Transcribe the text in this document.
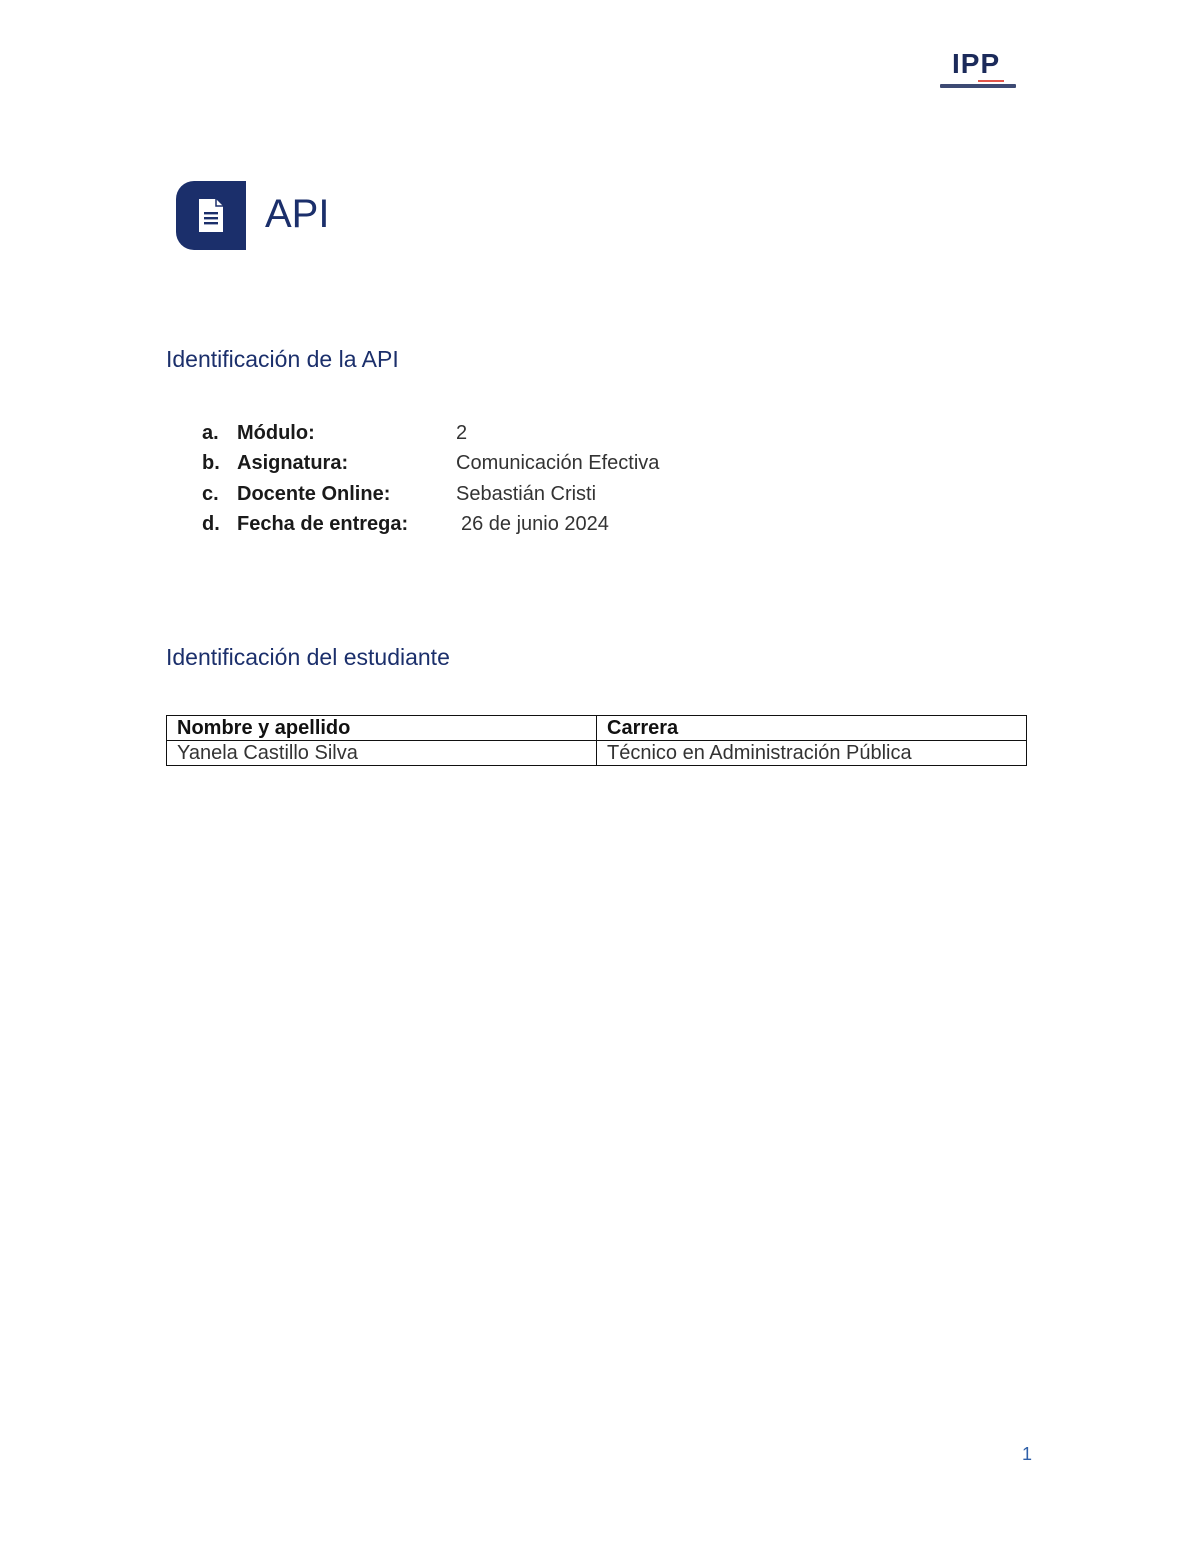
IPP
API
Identificación de la API
a. Módulo:	2
b. Asignatura:	Comunicación Efectiva
c. Docente Online:	Sebastián Cristi
d. Fecha de entrega:	26 de junio 2024
Identificación del estudiante
Nombre y apellido	Carrera
Yanela Castillo Silva	Técnico en Administración Pública
1
